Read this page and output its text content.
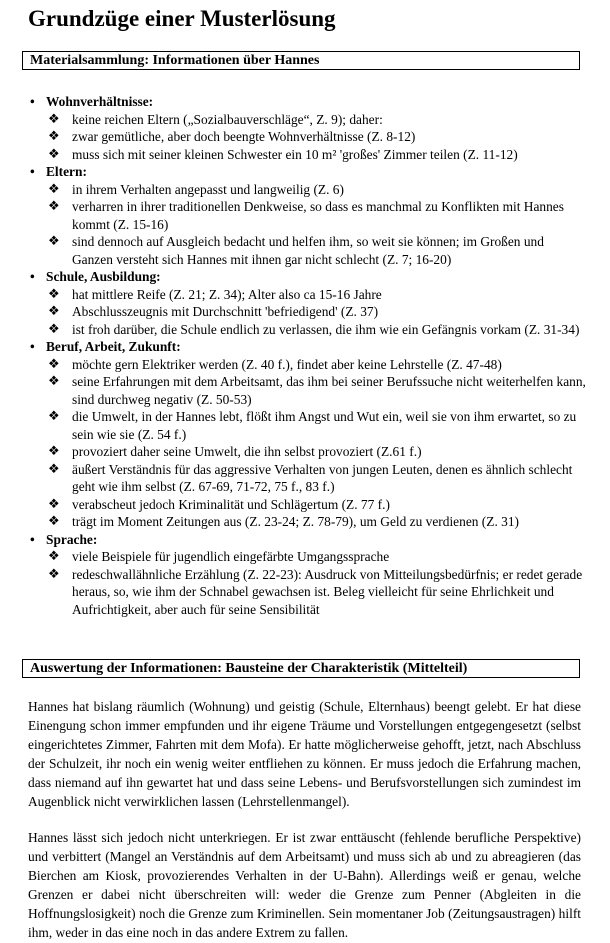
Grundzüge einer Musterlösung
Materialsammlung: Informationen über Hannes
• Wohnverhältnisse:
❖ keine reichen Eltern („Sozialbauverschläge“, Z. 9); daher:
❖ zwar gemütliche, aber doch beengte Wohnverhältnisse (Z. 8-12)
❖ muss sich mit seiner kleinen Schwester ein 10 m² 'großes' Zimmer teilen (Z. 11-12)
• Eltern:
❖ in ihrem Verhalten angepasst und langweilig (Z. 6)
❖ verharren in ihrer traditionellen Denkweise, so dass es manchmal zu Konflikten mit Hannes kommt (Z. 15-16)
❖ sind dennoch auf Ausgleich bedacht und helfen ihm, so weit sie können; im Großen und Ganzen versteht sich Hannes mit ihnen gar nicht schlecht (Z. 7; 16-20)
• Schule, Ausbildung:
❖ hat mittlere Reife (Z. 21; Z. 34); Alter also ca 15-16 Jahre
❖ Abschlusszeugnis mit Durchschnitt 'befriedigend' (Z. 37)
❖ ist froh darüber, die Schule endlich zu verlassen, die ihm wie ein Gefängnis vorkam (Z. 31-34)
• Beruf, Arbeit, Zukunft:
❖ möchte gern Elektriker werden (Z. 40 f.), findet aber keine Lehrstelle (Z. 47-48)
❖ seine Erfahrungen mit dem Arbeitsamt, das ihm bei seiner Berufssuche nicht weiterhelfen kann, sind durchweg negativ (Z. 50-53)
❖ die Umwelt, in der Hannes lebt, flößt ihm Angst und Wut ein, weil sie von ihm erwartet, so zu sein wie sie (Z. 54 f.)
❖ provoziert daher seine Umwelt, die ihn selbst provoziert (Z.61 f.)
❖ äußert Verständnis für das aggressive Verhalten von jungen Leuten, denen es ähnlich schlecht geht wie ihm selbst (Z. 67-69, 71-72, 75 f., 83 f.)
❖ verabscheut jedoch Kriminalität und Schlägertum (Z. 77 f.)
❖ trägt im Moment Zeitungen aus (Z. 23-24; Z. 78-79), um Geld zu verdienen (Z. 31)
• Sprache:
❖ viele Beispiele für jugendlich eingefärbte Umgangssprache
❖ redeschwallähnliche Erzählung (Z. 22-23): Ausdruck von Mitteilungsbedürfnis; er redet gerade heraus, so, wie ihm der Schnabel gewachsen ist. Beleg vielleicht für seine Ehrlichkeit und Aufrichtigkeit, aber auch für seine Sensibilität
Auswertung der Informationen: Bausteine der Charakteristik (Mittelteil)
Hannes hat bislang räumlich (Wohnung) und geistig (Schule, Elternhaus) beengt gelebt. Er hat diese Einengung schon immer empfunden und ihr eigene Träume und Vorstellungen entgegengesetzt (selbst eingerichtetes Zimmer, Fahrten mit dem Mofa). Er hatte möglicherweise gehofft, jetzt, nach Abschluss der Schulzeit, ihr noch ein wenig weiter entfliehen zu können. Er muss jedoch die Erfahrung machen, dass niemand auf ihn gewartet hat und dass seine Lebens- und Berufsvorstellungen sich zumindest im Augenblick nicht verwirklichen lassen (Lehrstellenmangel).
Hannes lässt sich jedoch nicht unterkriegen. Er ist zwar enttäuscht (fehlende berufliche Perspektive) und verbittert (Mangel an Verständnis auf dem Arbeitsamt) und muss sich ab und zu abreagieren (das Bierchen am Kiosk, provozierendes Verhalten in der U-Bahn). Allerdings weiß er genau, welche Grenzen er dabei nicht überschreiten will: weder die Grenze zum Penner (Abgleiten in die Hoffnungslosigkeit) noch die Grenze zum Kriminellen. Sein momentaner Job (Zeitungsaustragen) hilft ihm, weder in das eine noch in das andere Extrem zu fallen.
